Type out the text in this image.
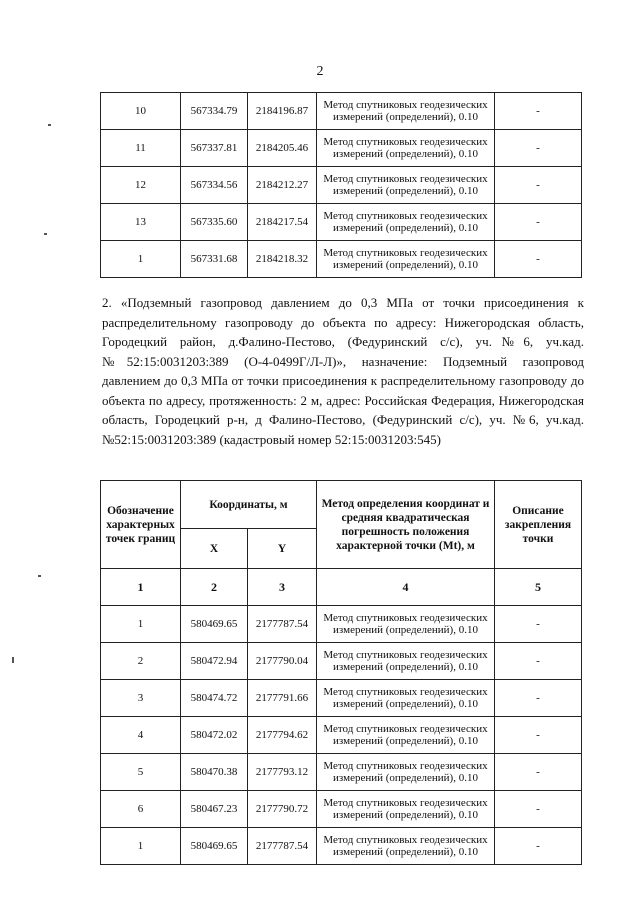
2
10	567334.79	2184196.87	Метод спутниковых геодезических измерений (определений), 0.10	-
11	567337.81	2184205.46	Метод спутниковых геодезических измерений (определений), 0.10	-
12	567334.56	2184212.27	Метод спутниковых геодезических измерений (определений), 0.10	-
13	567335.60	2184217.54	Метод спутниковых геодезических измерений (определений), 0.10	-
1	567331.68	2184218.32	Метод спутниковых геодезических измерений (определений), 0.10	-
2. «Подземный газопровод давлением до 0,3 МПа от точки присоединения к распределительному газопроводу до объекта по адресу: Нижегородская область, Городецкий район, д.Фалино-Пестово, (Федуринский с/с), уч.№6, уч.кад.№52:15:0031203:389 (О-4-0499Г/Л-Л)», назначение: Подземный газопровод давлением до 0,3 МПа от точки присоединения к распределительному газопроводу до объекта по адресу, протяженность: 2 м, адрес: Российская Федерация, Нижегородская область, Городецкий р-н, д Фалино-Пестово, (Федуринский с/с), уч. №6, уч.кад.№52:15:0031203:389 (кадастровый номер 52:15:0031203:545)
Обозначение характерных точек границ	Координаты, м		Метод определения координат и средняя квадратическая погрешность положения характерной точки (Mt), м	Описание закрепления точки
	X	Y		
1	2	3	4	5
1	580469.65	2177787.54	Метод спутниковых геодезических измерений (определений), 0.10	-
2	580472.94	2177790.04	Метод спутниковых геодезических измерений (определений), 0.10	-
3	580474.72	2177791.66	Метод спутниковых геодезических измерений (определений), 0.10	-
4	580472.02	2177794.62	Метод спутниковых геодезических измерений (определений), 0.10	-
5	580470.38	2177793.12	Метод спутниковых геодезических измерений (определений), 0.10	-
6	580467.23	2177790.72	Метод спутниковых геодезических измерений (определений), 0.10	-
1	580469.65	2177787.54	Метод спутниковых геодезических измерений (определений), 0.10	-
